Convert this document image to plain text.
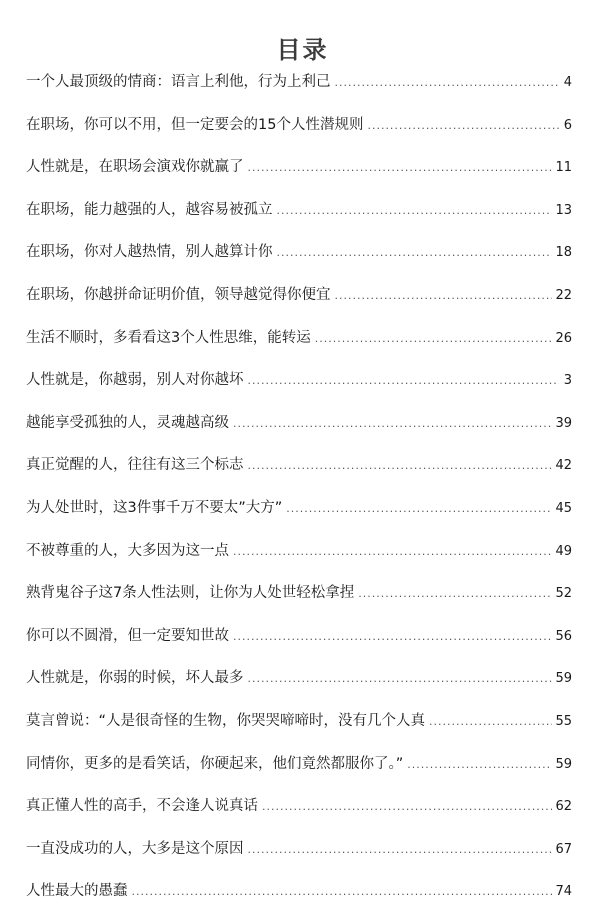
目录
一个人最顶级的情商：语言上利他，行为上利己 .....	4
在职场，你可以不用，但一定要会的15个人性潜规则 .....	6
人性就是，在职场会演戏你就赢了 .....	11
在职场，能力越强的人，越容易被孤立 .....	13
在职场，你对人越热情，别人越算计你 .....	18
在职场，你越拼命证明价值，领导越觉得你便宜 .....	22
生活不顺时，多看看这3个人性思维，能转运 .....	26
人性就是，你越弱，别人对你越坏 .....	3
越能享受孤独的人，灵魂越高级 .....	39
真正觉醒的人，往往有这三个标志 .....	42
为人处世时，这3件事千万不要太”大方” .....	45
不被尊重的人，大多因为这一点 .....	49
熟背鬼谷子这7条人性法则，让你为人处世轻松拿捏 .....	52
你可以不圆滑，但一定要知世故 .....	56
人性就是，你弱的时候，坏人最多 .....	59
莫言曾说：“人是很奇怪的生物，你哭哭啼啼时，没有几个人真 .....	55
同情你，更多的是看笑话，你硬起来，他们竟然都服你了。” .....	59
真正懂人性的高手，不会逢人说真话 .....	62
一直没成功的人，大多是这个原因 .....	67
人性最大的愚蠢 .....	74
